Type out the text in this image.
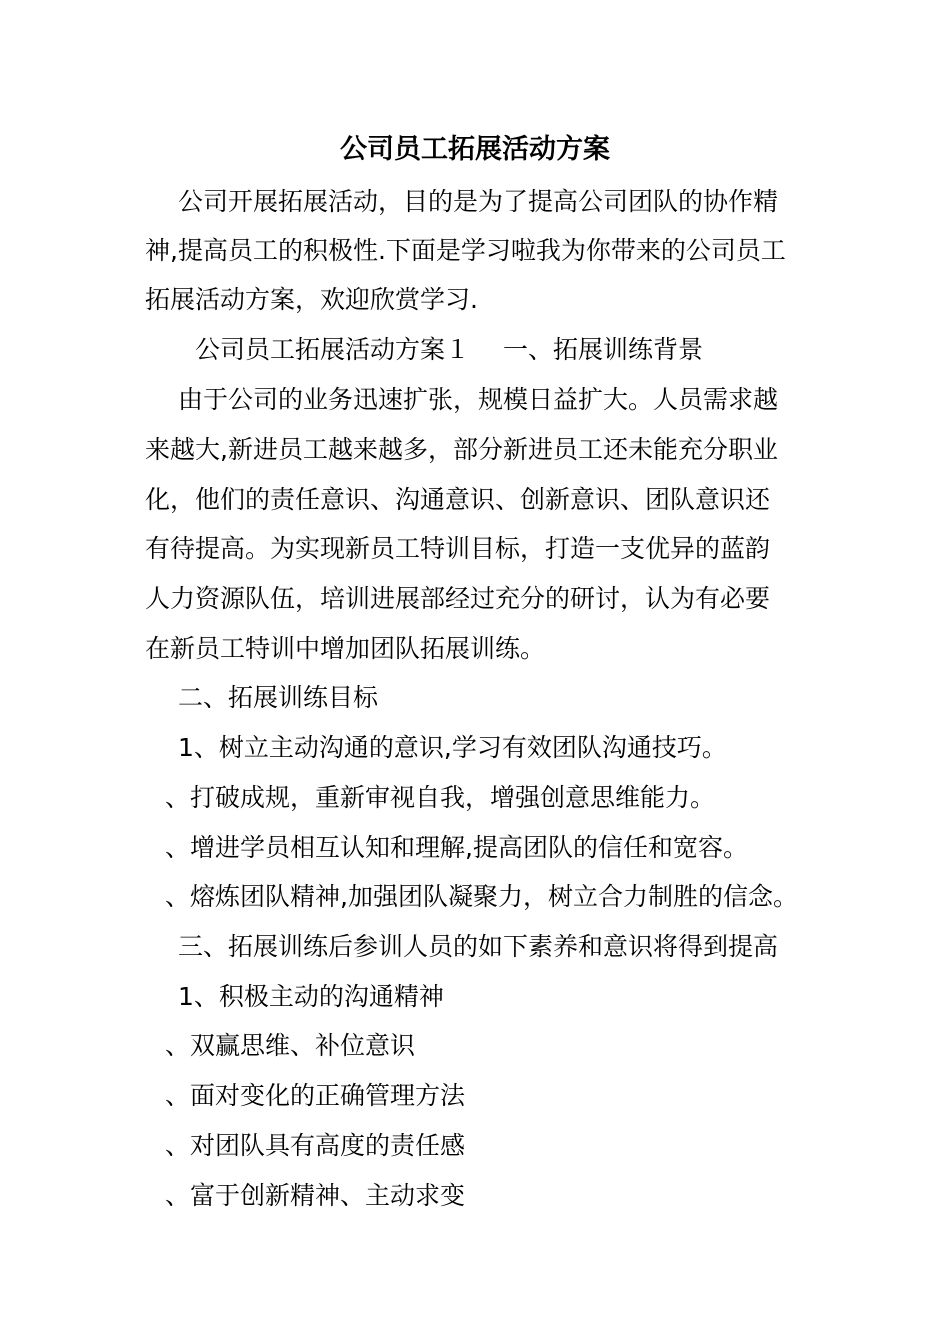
公司员工拓展活动方案
公司开展拓展活动，目的是为了提高公司团队的协作精
神,提高员工的积极性.下面是学习啦我为你带来的公司员工
拓展活动方案，欢迎欣赏学习.
公司员工拓展活动方案１　 一、拓展训练背景
由于公司的业务迅速扩张，规模日益扩大。人员需求越
来越大,新进员工越来越多，部分新进员工还未能充分职业
化，他们的责任意识、沟通意识、创新意识、团队意识还
有待提高。为实现新员工特训目标，打造一支优异的蓝韵
人力资源队伍，培训进展部经过充分的研讨，认为有必要
在新员工特训中增加团队拓展训练。
二、拓展训练目标
1、树立主动沟通的意识,学习有效团队沟通技巧。
、打破成规，重新审视自我，增强创意思维能力。
、增进学员相互认知和理解,提高团队的信任和宽容。
、熔炼团队精神,加强团队凝聚力，树立合力制胜的信念。
三、拓展训练后参训人员的如下素养和意识将得到提高
1、积极主动的沟通精神
、双赢思维、补位意识
、面对变化的正确管理方法
、对团队具有高度的责任感
、富于创新精神、主动求变
